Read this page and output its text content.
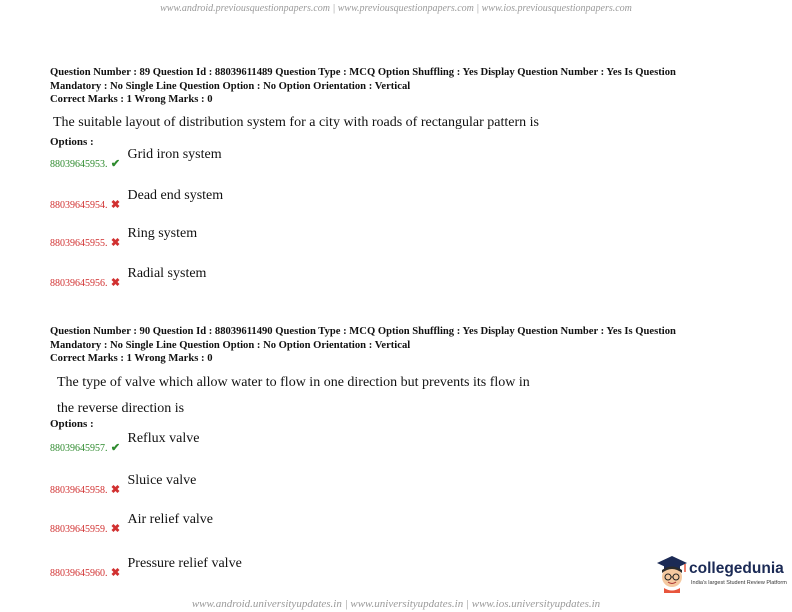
www.android.previousquestionpapers.com | www.previousquestionpapers.com | www.ios.previousquestionpapers.com
Question Number : 89 Question Id : 88039611489 Question Type : MCQ Option Shuffling : Yes Display Question Number : Yes Is Question
Mandatory : No Single Line Question Option : No Option Orientation : Vertical
Correct Marks : 1 Wrong Marks : 0
The suitable layout of distribution system for a city with roads of rectangular pattern is
Options :
88039645953. ✔Grid iron system
88039645954. ✖Dead end system
88039645955. ✖Ring system
88039645956. ✖Radial system
Question Number : 90 Question Id : 88039611490 Question Type : MCQ Option Shuffling : Yes Display Question Number : Yes Is Question
Mandatory : No Single Line Question Option : No Option Orientation : Vertical
Correct Marks : 1 Wrong Marks : 0
The type of valve which allow water to flow in one direction but prevents its flow in
the reverse direction is
Options :
88039645957. ✔Reflux valve
88039645958. ✖Sluice valve
88039645959. ✖Air relief valve
88039645960. ✖Pressure relief valve	collegedunia
India's largest Student Review Platform
www.android.universityupdates.in | www.universityupdates.in | www.ios.universityupdates.in
